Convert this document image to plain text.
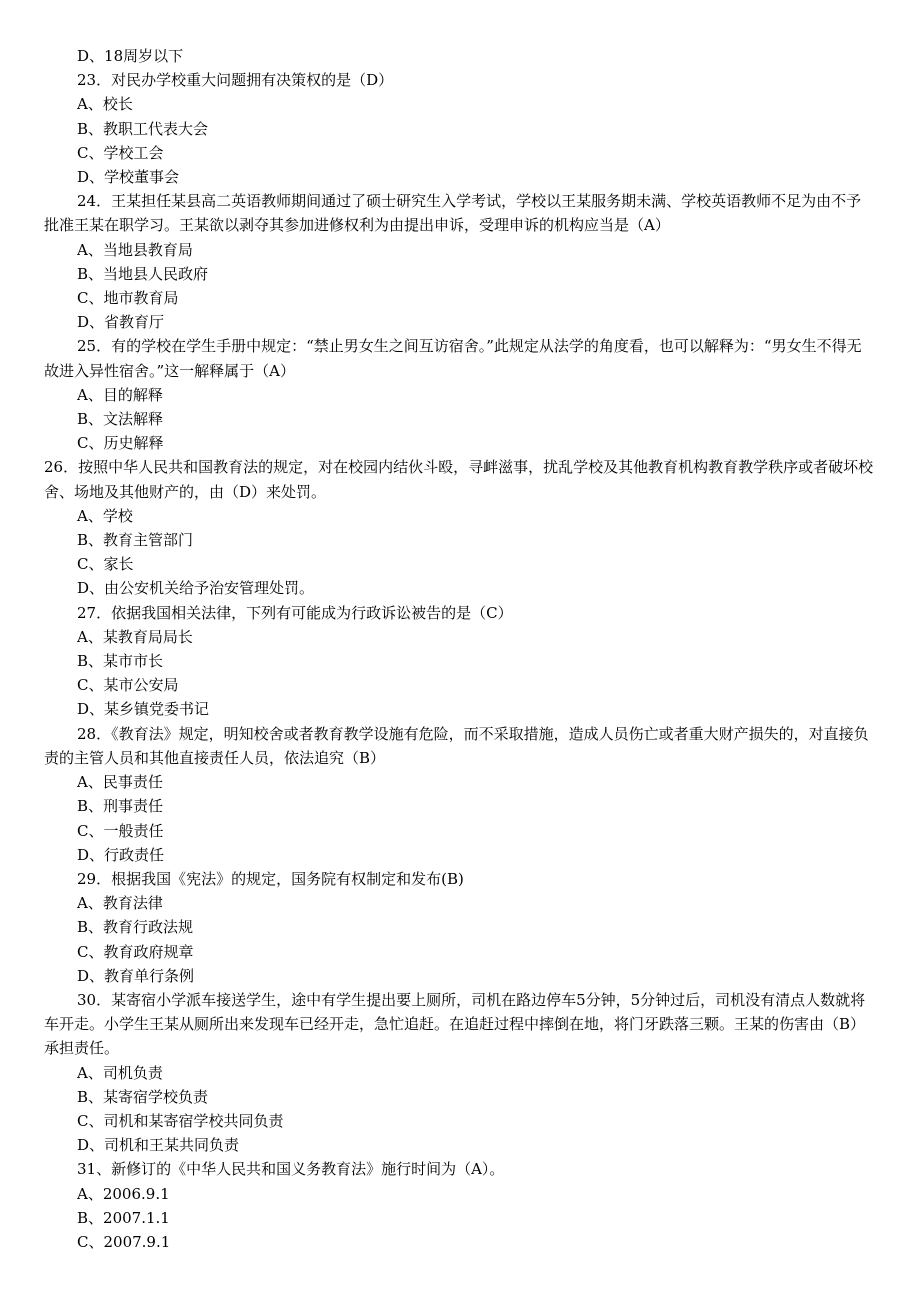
D、18周岁以下

23．对民办学校重大问题拥有决策权的是（D）

A、校长

B、教职工代表大会

C、学校工会

D、学校董事会

24．王某担任某县高二英语教师期间通过了硕士研究生入学考试，学校以王某服务期未满、学校英语教师不足为由不予批准王某在职学习。王某欲以剥夺其参加进修权利为由提出申诉，受理申诉的机构应当是（A）

A、当地县教育局

B、当地县人民政府

C、地市教育局

D、省教育厅

25．有的学校在学生手册中规定：“禁止男女生之间互访宿舍。”此规定从法学的角度看，也可以解释为：“男女生不得无故进入异性宿舍。”这一解释属于（A）

A、目的解释

B、文法解释

C、历史解释

26．按照中华人民共和国教育法的规定，对在校园内结伙斗殴，寻衅滋事，扰乱学校及其他教育机构教育教学秩序或者破坏校舍、场地及其他财产的，由（D）来处罚。

A、学校

B、教育主管部门

C、家长

D、由公安机关给予治安管理处罚。

27．依据我国相关法律，下列有可能成为行政诉讼被告的是（C）

A、某教育局局长

B、某市市长

C、某市公安局

D、某乡镇党委书记

28．《教育法》规定，明知校舍或者教育教学设施有危险，而不采取措施，造成人员伤亡或者重大财产损失的，对直接负责的主管人员和其他直接责任人员，依法追究（B）

A、民事责任

B、刑事责任

C、一般责任

D、行政责任

29．根据我国《宪法》的规定，国务院有权制定和发布(B)

A、教育法律

B、教育行政法规

C、教育政府规章

D、教育单行条例

30．某寄宿小学派车接送学生，途中有学生提出要上厕所，司机在路边停车5分钟，5分钟过后，司机没有清点人数就将车开走。小学生王某从厕所出来发现车已经开走，急忙追赶。在追赶过程中摔倒在地，将门牙跌落三颗。王某的伤害由（B）承担责任。

A、司机负责

B、某寄宿学校负责

C、司机和某寄宿学校共同负责

D、司机和王某共同负责

31、新修订的《中华人民共和国义务教育法》施行时间为（A）。

A、2006.9.1

B、2007.1.1

C、2007.9.1
